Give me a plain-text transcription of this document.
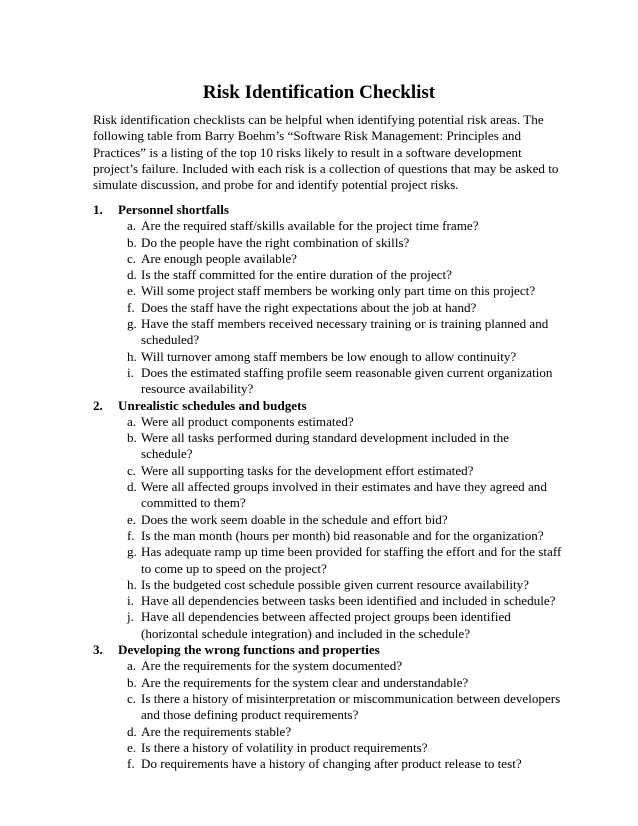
Risk Identification Checklist

Risk identification checklists can be helpful when identifying potential risk areas. The following table from Barry Boehm’s “Software Risk Management: Principles and Practices” is a listing of the top 10 risks likely to result in a software development project’s failure. Included with each risk is a collection of questions that may be asked to simulate discussion, and probe for and identify potential project risks.

1. Personnel shortfalls

a. Are the required staff/skills available for the project time frame?
b. Do the people have the right combination of skills?
c. Are enough people available?
d. Is the staff committed for the entire duration of the project?
e. Will some project staff members be working only part time on this project?
f. Does the staff have the right expectations about the job at hand?
g. Have the staff members received necessary training or is training planned and scheduled?
h. Will turnover among staff members be low enough to allow continuity?
i. Does the estimated staffing profile seem reasonable given current organization resource availability?

2. Unrealistic schedules and budgets

a. Were all product components estimated?
b. Were all tasks performed during standard development included in the schedule?
c. Were all supporting tasks for the development effort estimated?
d. Were all affected groups involved in their estimates and have they agreed and committed to them?
e. Does the work seem doable in the schedule and effort bid?
f. Is the man month (hours per month) bid reasonable and for the organization?
g. Has adequate ramp up time been provided for staffing the effort and for the staff to come up to speed on the project?
h. Is the budgeted cost schedule possible given current resource availability?
i. Have all dependencies between tasks been identified and included in schedule?
j. Have all dependencies between affected project groups been identified (horizontal schedule integration) and included in the schedule?

3. Developing the wrong functions and properties

a. Are the requirements for the system documented?
b. Are the requirements for the system clear and understandable?
c. Is there a history of misinterpretation or miscommunication between developers and those defining product requirements?
d. Are the requirements stable?
e. Is there a history of volatility in product requirements?
f. Do requirements have a history of changing after product release to test?
